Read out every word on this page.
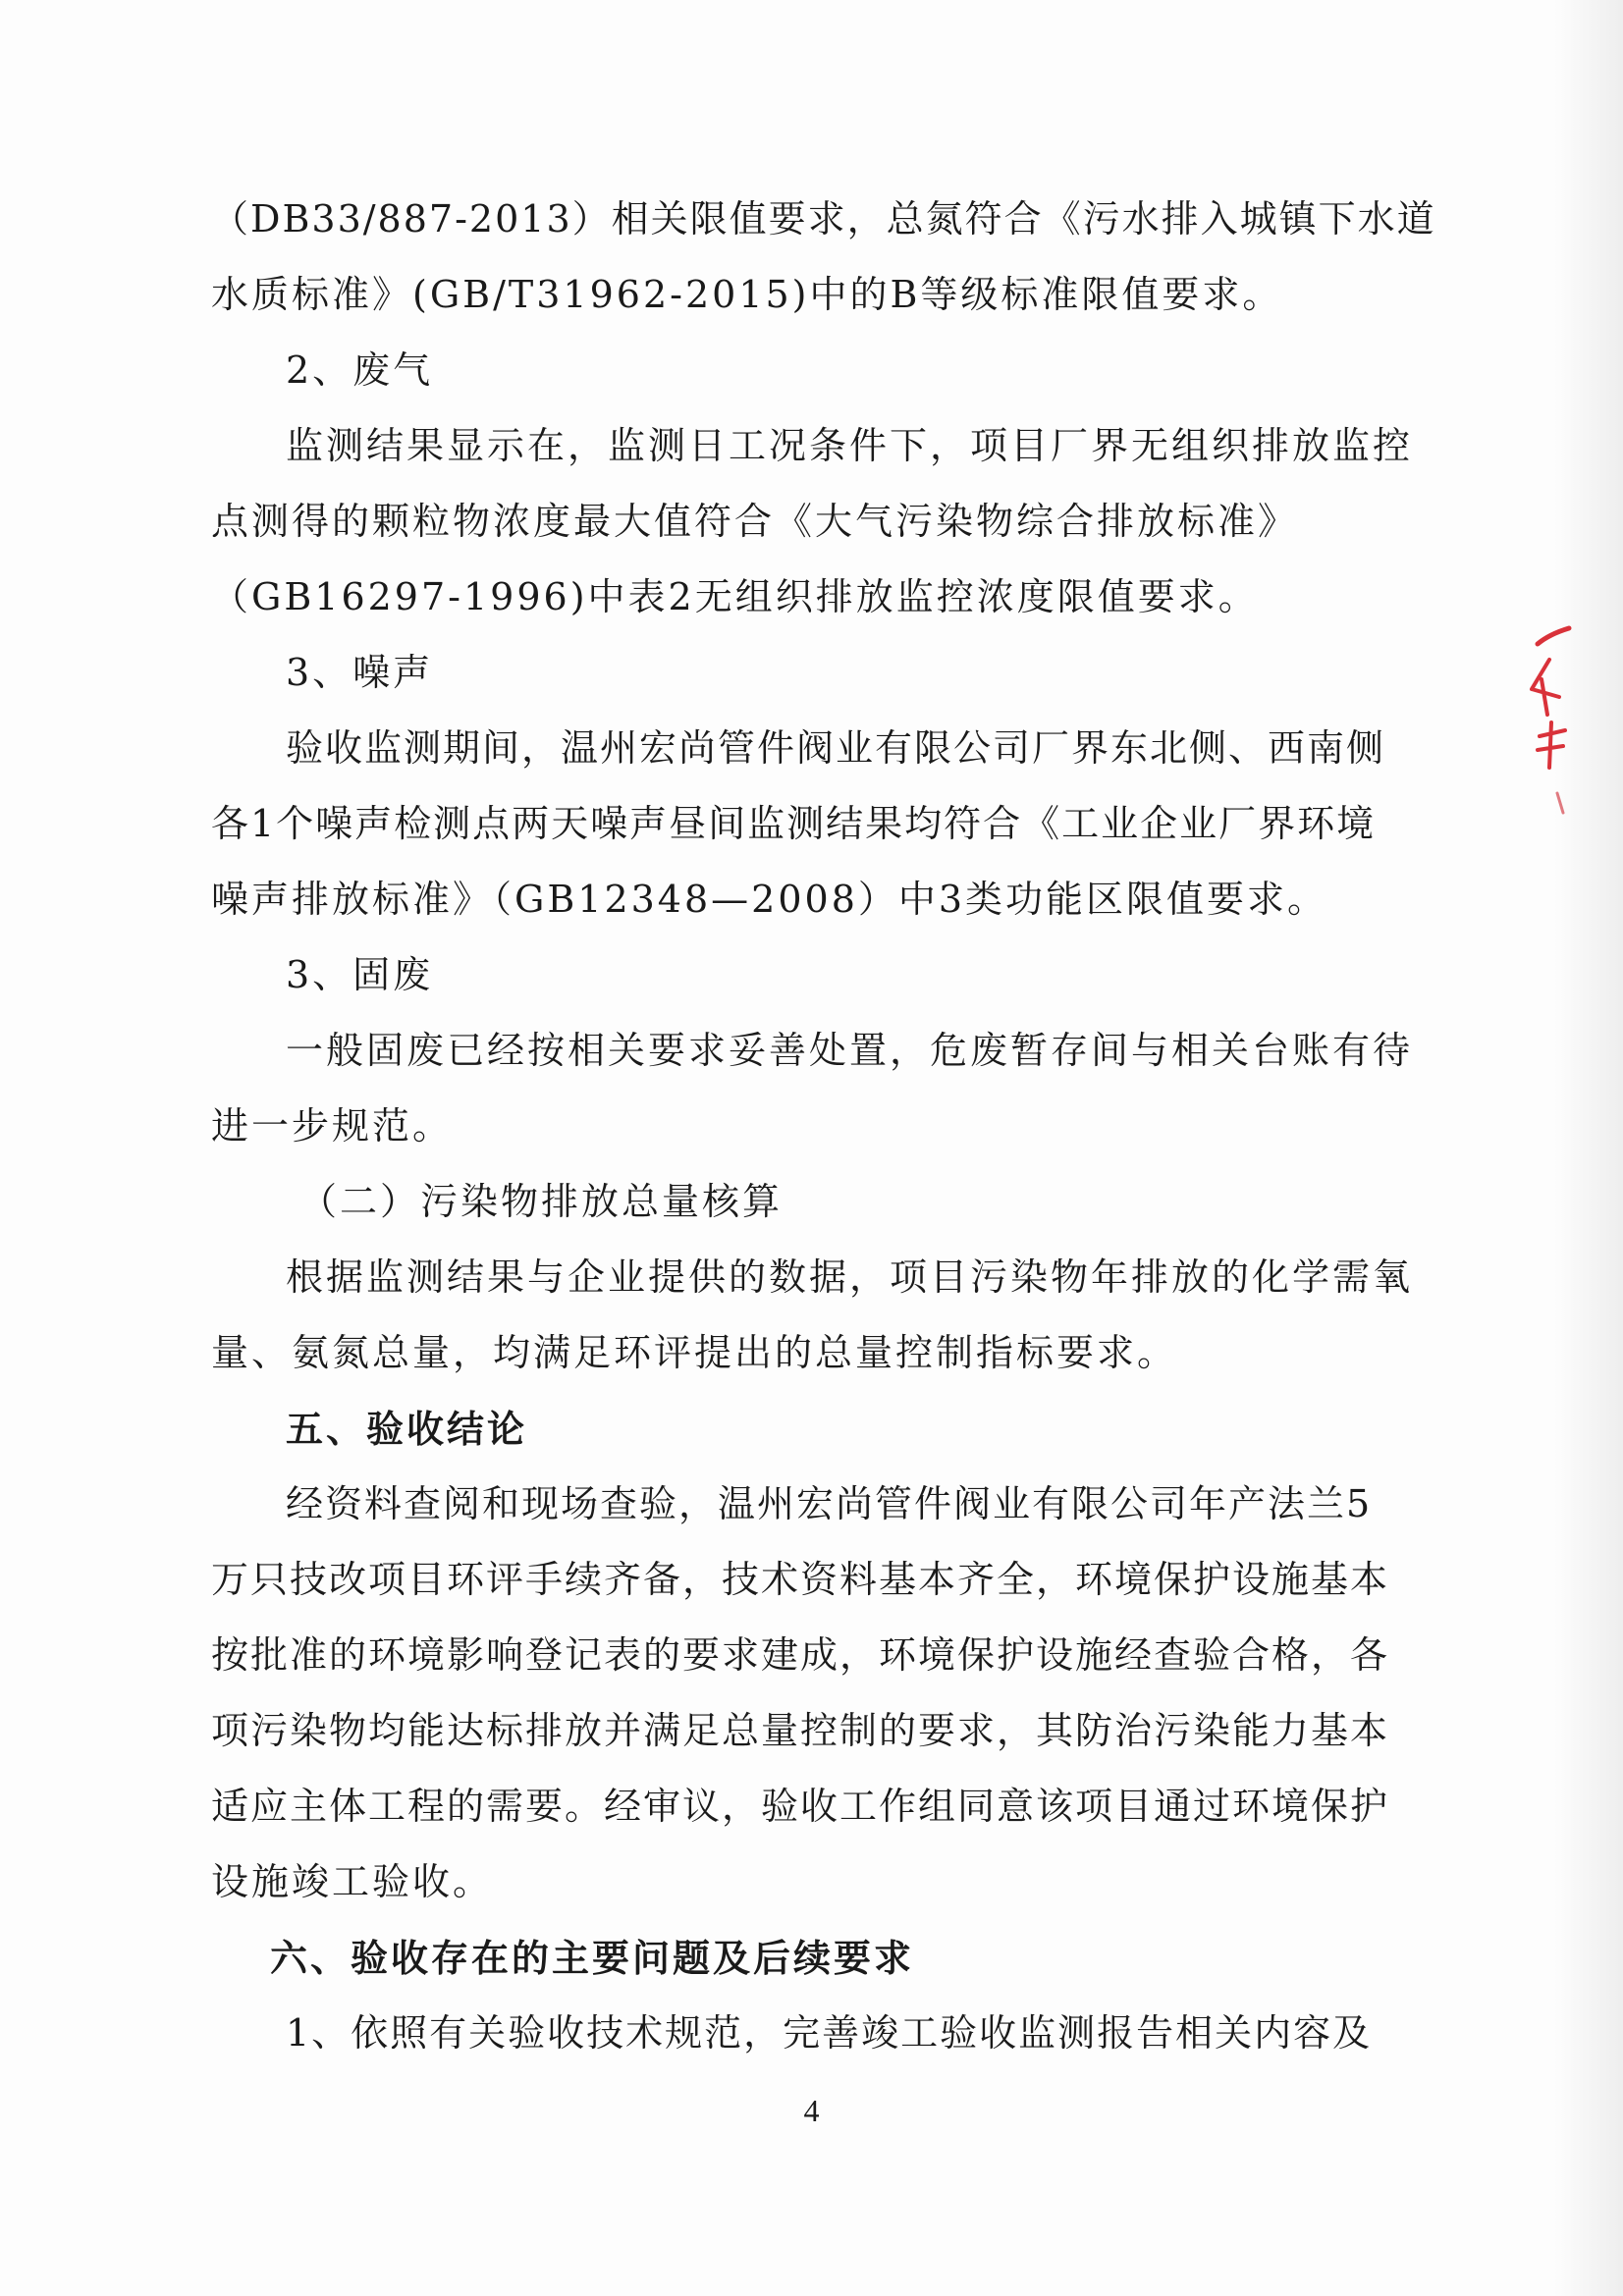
（DB33/887-2013）相关限值要求，总氮符合《污水排入城镇下水道
水质标准》(GB/T31962-2015)中的B等级标准限值要求。
2、废气
监测结果显示在，监测日工况条件下，项目厂界无组织排放监控
点测得的颗粒物浓度最大值符合《大气污染物综合排放标准》
（GB16297-1996)中表2无组织排放监控浓度限值要求。
3、噪声
验收监测期间，温州宏尚管件阀业有限公司厂界东北侧、西南侧
各1个噪声检测点两天噪声昼间监测结果均符合《工业企业厂界环境
噪声排放标准》（GB12348—2008）中3类功能区限值要求。
3、固废
一般固废已经按相关要求妥善处置，危废暂存间与相关台账有待
进一步规范。
（二）污染物排放总量核算
根据监测结果与企业提供的数据，项目污染物年排放的化学需氧
量、氨氮总量，均满足环评提出的总量控制指标要求。
五、验收结论
经资料查阅和现场查验，温州宏尚管件阀业有限公司年产法兰5
万只技改项目环评手续齐备，技术资料基本齐全，环境保护设施基本
按批准的环境影响登记表的要求建成，环境保护设施经查验合格，各
项污染物均能达标排放并满足总量控制的要求，其防治污染能力基本
适应主体工程的需要。经审议，验收工作组同意该项目通过环境保护
设施竣工验收。
六、验收存在的主要问题及后续要求
1、依照有关验收技术规范，完善竣工验收监测报告相关内容及
4
